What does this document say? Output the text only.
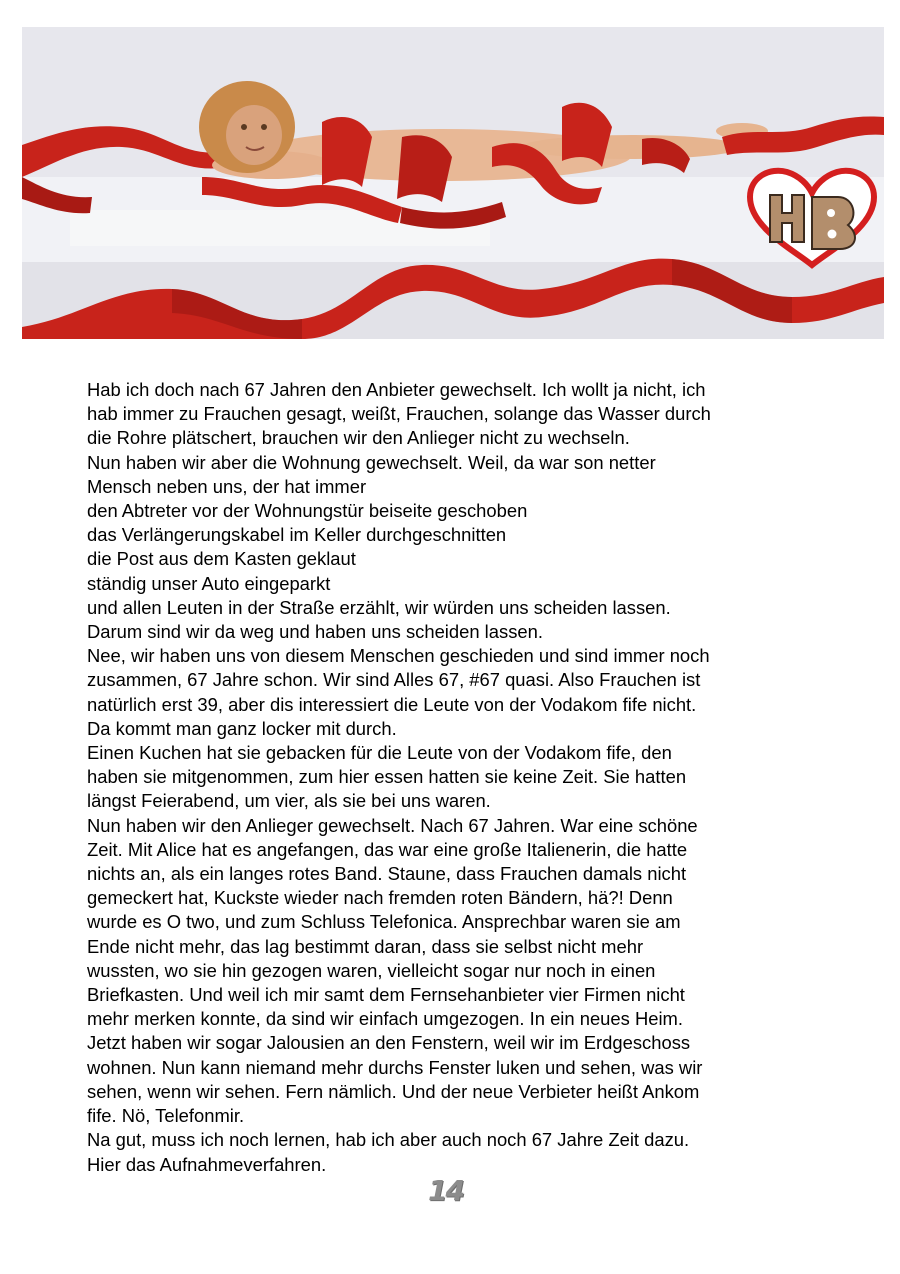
Hab ich doch nach 67 Jahren den Anbieter gewechselt. Ich wollt ja nicht, ich
hab immer zu Frauchen gesagt, weißt, Frauchen, solange das Wasser durch
die Rohre plätschert, brauchen wir den Anlieger nicht zu wechseln.
Nun haben wir aber die Wohnung gewechselt. Weil, da war son netter
Mensch neben uns, der hat immer
den Abtreter vor der Wohnungstür beiseite geschoben
das Verlängerungskabel im Keller durchgeschnitten
die Post aus dem Kasten geklaut
ständig unser Auto eingeparkt
und allen Leuten in der Straße erzählt, wir würden uns scheiden lassen.
Darum sind wir da weg und haben uns scheiden lassen.
Nee, wir haben uns von diesem Menschen geschieden und sind immer noch
zusammen, 67 Jahre schon. Wir sind Alles 67, #67 quasi. Also Frauchen ist
natürlich erst 39, aber dis interessiert die Leute von der Vodakom fife nicht.
Da kommt man ganz locker mit durch.
Einen Kuchen hat sie gebacken für die Leute von der Vodakom fife, den
haben sie mitgenommen, zum hier essen hatten sie keine Zeit. Sie hatten
längst Feierabend, um vier, als sie bei uns waren.
Nun haben wir den Anlieger gewechselt. Nach 67 Jahren. War eine schöne
Zeit. Mit Alice hat es angefangen, das war eine große Italienerin, die hatte
nichts an, als ein langes rotes Band. Staune, dass Frauchen damals nicht
gemeckert hat, Kuckste wieder nach fremden roten Bändern, hä?! Denn
wurde es O two, und zum Schluss Telefonica. Ansprechbar waren sie am
Ende nicht mehr, das lag bestimmt daran, dass sie selbst nicht mehr
wussten, wo sie hin gezogen waren, vielleicht sogar nur noch in einen
Briefkasten. Und weil ich mir samt dem Fernsehanbieter vier Firmen nicht
mehr merken konnte, da sind wir einfach umgezogen. In ein neues Heim.
Jetzt haben wir sogar Jalousien an den Fenstern, weil wir im Erdgeschoss
wohnen. Nun kann niemand mehr durchs Fenster luken und sehen, was wir
sehen, wenn wir sehen. Fern nämlich. Und der neue Verbieter heißt Ankom
fife. Nö, Telefonmir.
Na gut, muss ich noch lernen, hab ich aber auch noch 67 Jahre Zeit dazu.
Hier das Aufnahmeverfahren.
14
